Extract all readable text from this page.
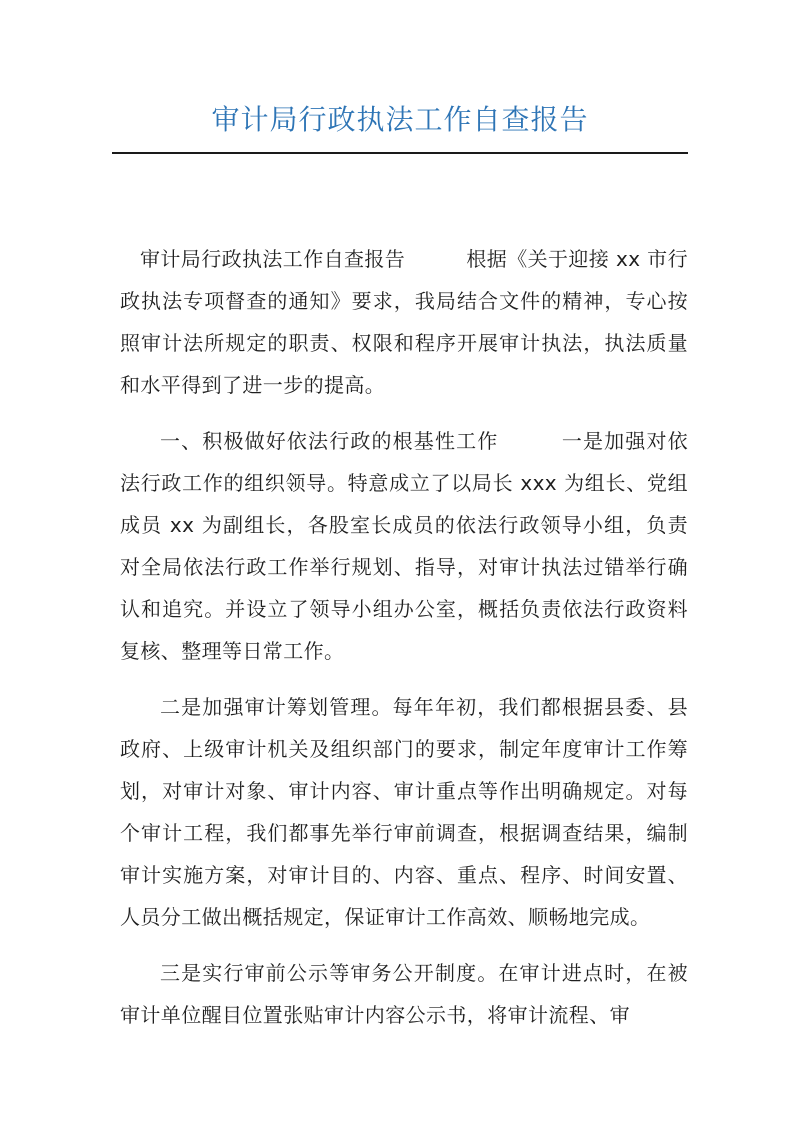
审计局行政执法工作自查报告

审计局行政执法工作自查报告　　　根据《关于迎接 xx 市行政执法专项督查的通知》要求，我局结合文件的精神，专心按照审计法所规定的职责、权限和程序开展审计执法，执法质量和水平得到了进一步的提高。

一、积极做好依法行政的根基性工作　　　一是加强对依法行政工作的组织领导。特意成立了以局长 xxx 为组长、党组成员 xx 为副组长，各股室长成员的依法行政领导小组，负责对全局依法行政工作举行规划、指导，对审计执法过错举行确认和追究。并设立了领导小组办公室，概括负责依法行政资料复核、整理等日常工作。

二是加强审计筹划管理。每年年初，我们都根据县委、县政府、上级审计机关及组织部门的要求，制定年度审计工作筹划，对审计对象、审计内容、审计重点等作出明确规定。对每个审计工程，我们都事先举行审前调查，根据调查结果，编制审计实施方案，对审计目的、内容、重点、程序、时间安置、人员分工做出概括规定，保证审计工作高效、顺畅地完成。

三是实行审前公示等审务公开制度。在审计进点时，在被审计单位醒目位置张贴审计内容公示书，将审计流程、审
